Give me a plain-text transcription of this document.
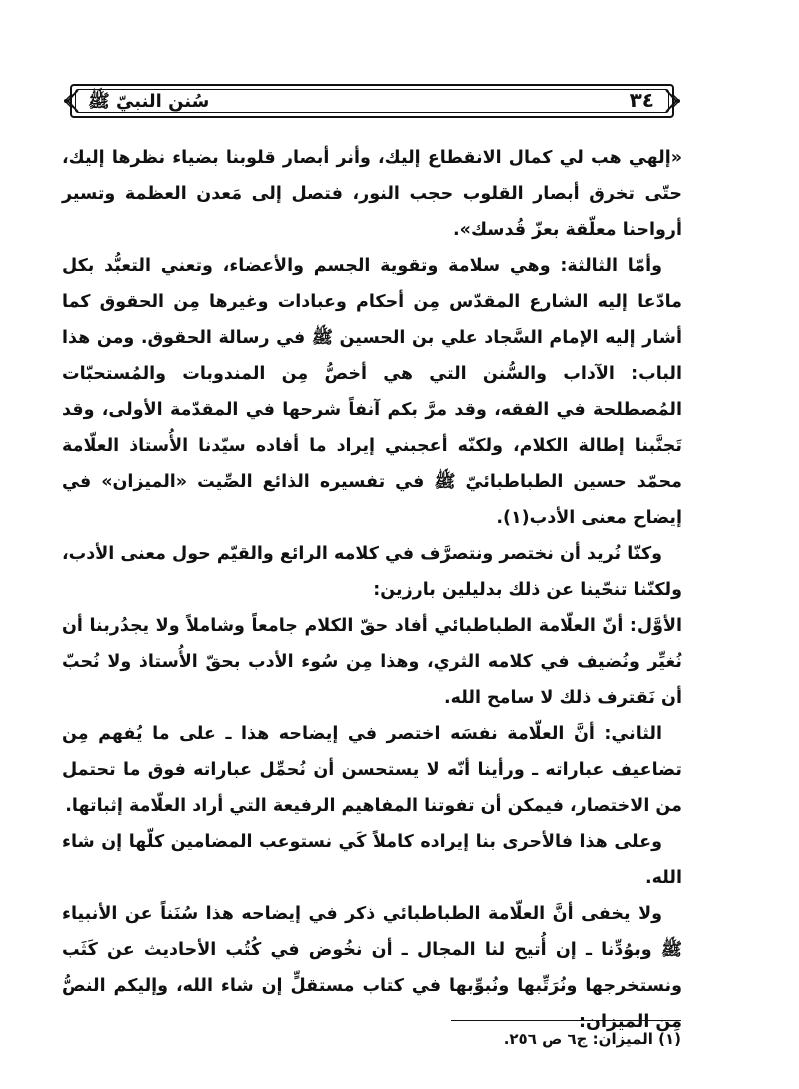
سُنن النبيّ ﷺ	٣٤

«إلهي هب لي كمال الانقطاع إليك، وأنر أبصار قلوبنا بضياء نظرها إليك، حتّى تخرق أبصار القلوب حجب النور، فتصل إلى مَعدن العظمة وتسير أرواحنا معلّقة بعزّ قُدسك».

وأمّا الثالثة: وهي سلامة وتقوية الجسم والأعضاء، وتعني التعبُّد بكل مادّعا إليه الشارع المقدّس مِن أحكام وعبادات وغيرها مِن الحقوق كما أشار إليه الإمام السَّجاد علي بن الحسين ﷺ في رسالة الحقوق. ومن هذا الباب: الآداب والسُّنن التي هي أخصُّ مِن المندوبات والمُستحبّات المُصطلحة في الفقه، وقد مرَّ بكم آنفاً شرحها في المقدّمة الأولى، وقد تَجنَّبنا إطالة الكلام، ولكنّه أعجبني إيراد ما أفاده سيّدنا الأُستاذ العلّامة محمّد حسين الطباطبائيّ ﷺ في تفسيره الذائع الصِّيت «الميزان» في إيضاح معنى الأدب(١).

وكنّا نُريد أن نختصر ونتصرَّف في كلامه الرائع والقيّم حول معنى الأدب، ولكنّنا تنحّينا عن ذلك بدليلين بارزين:

الأوَّل: أنّ العلّامة الطباطبائي أفاد حقّ الكلام جامعاً وشاملاً ولا يجدُربنا أن نُغيِّر ونُضيف في كلامه الثري، وهذا مِن سُوء الأدب بحقّ الأُستاذ ولا نُحبّ أن نَقترف ذلك لا سامح الله.

الثاني: أنَّ العلّامة نفسَه اختصر في إيضاحه هذا ـ على ما يُفهم مِن تضاعيف عباراته ـ ورأينا أنّه لا يستحسن أن نُحمِّل عباراته فوق ما تحتمل من الاختصار، فيمكن أن تفوتنا المفاهيم الرفيعة التي أراد العلّامة إثباتها.

وعلى هذا فالأحرى بنا إيراده كاملاً كَي نستوعب المضامين كلّها إن شاء الله.

ولا يخفى أنَّ العلّامة الطباطبائي ذكر في إيضاحه هذا سُنَناً عن الأنبياء ﷺ وبوُدِّنا ـ إن أُتيح لنا المجال ـ أن نخُوض في كُتُب الأحاديث عن كَثَب ونستخرجها ونُرَتِّبها ونُبوِّبها في كتاب مستقلٍّ إن شاء الله، وإليكم النصُّ مِن الميزان:

(١) الميزان: ج٦ ص ٢٥٦.
